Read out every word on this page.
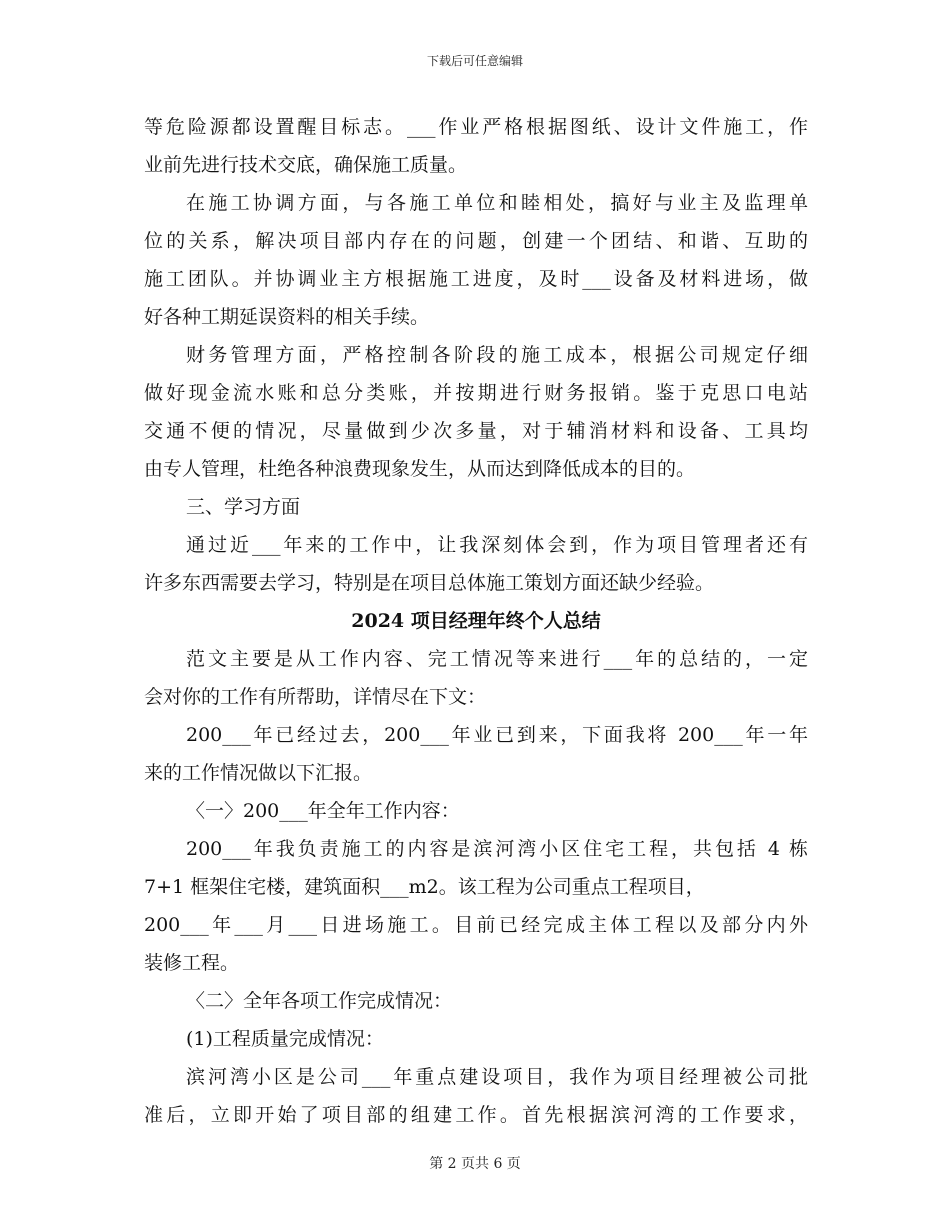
下载后可任意编辑
等危险源都设置醒目标志。___作业严格根据图纸、设计文件施工，作
业前先进行技术交底，确保施工质量。
在施工协调方面，与各施工单位和睦相处，搞好与业主及监理单
位的关系，解决项目部内存在的问题，创建一个团结、和谐、互助的
施工团队。并协调业主方根据施工进度，及时___设备及材料进场，做
好各种工期延误资料的相关手续。
财务管理方面，严格控制各阶段的施工成本，根据公司规定仔细
做好现金流水账和总分类账，并按期进行财务报销。鉴于克思口电站
交通不便的情况，尽量做到少次多量，对于辅消材料和设备、工具均
由专人管理，杜绝各种浪费现象发生，从而达到降低成本的目的。
三、学习方面
通过近___年来的工作中，让我深刻体会到，作为项目管理者还有
许多东西需要去学习，特别是在项目总体施工策划方面还缺少经验。
2024 项目经理年终个人总结
范文主要是从工作内容、完工情况等来进行___年的总结的，一定
会对你的工作有所帮助，详情尽在下文：
200___年已经过去，200___年业已到来，下面我将 200___年一年
来的工作情况做以下汇报。
〈一〉200___年全年工作内容：
200___年我负责施工的内容是滨河湾小区住宅工程，共包括 4 栋
7+1 框架住宅楼，建筑面积___m2。该工程为公司重点工程项目，
200___年___月___日进场施工。目前已经完成主体工程以及部分内外
装修工程。
〈二〉全年各项工作完成情况：
(1)工程质量完成情况：
滨河湾小区是公司___年重点建设项目，我作为项目经理被公司批
准后，立即开始了项目部的组建工作。首先根据滨河湾的工作要求，
第 2 页共 6 页
